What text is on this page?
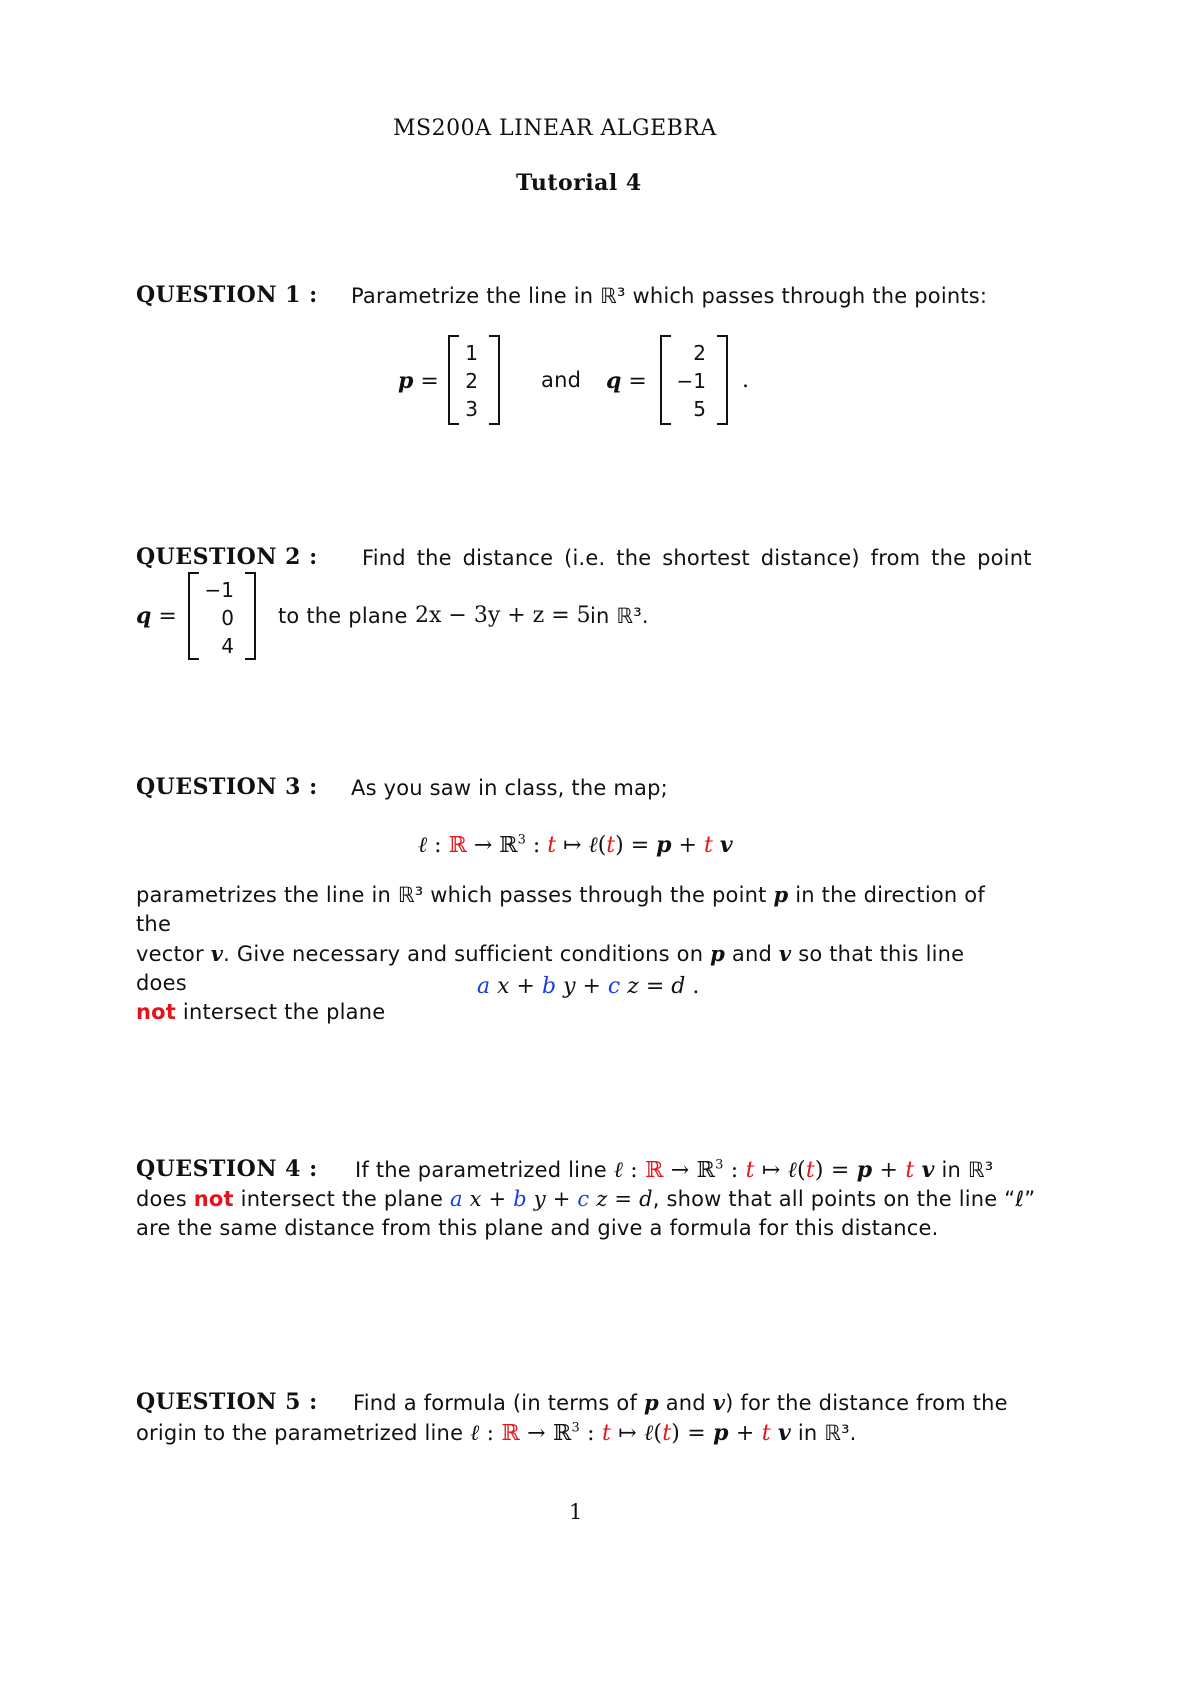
MS200A LINEAR ALGEBRA
Tutorial 4
QUESTION 1 : Parametrize the line in ℝ³ which passes through the points:
p =
1
2
3
and q =
2
−1
5
.
QUESTION 2 : Find the distance (i.e. the shortest distance) from the point
q =
−1
0
4
to the plane 2x − 3y + z = 5 in ℝ³.
QUESTION 3 : As you saw in class, the map;
ℓ : ℝ → ℝ$^3$ : t ↦ ℓ(t) = p + t v
parametrizes the line in ℝ³ which passes through the point p in the direction of the
vector v. Give necessary and sufficient conditions on p and v so that this line does
not intersect the plane
a x + b y + c z = d .
QUESTION 4 : If the parametrized line ℓ : ℝ → ℝ$^3$ : t ↦ ℓ(t) = p + t v in ℝ³
does not intersect the plane a x + b y + c z = d, show that all points on the line “ℓ”
are the same distance from this plane and give a formula for this distance.
QUESTION 5 : Find a formula (in terms of p and v) for the distance from the
origin to the parametrized line ℓ : ℝ → ℝ$^3$ : t ↦ ℓ(t) = p + t v in ℝ³.
1
